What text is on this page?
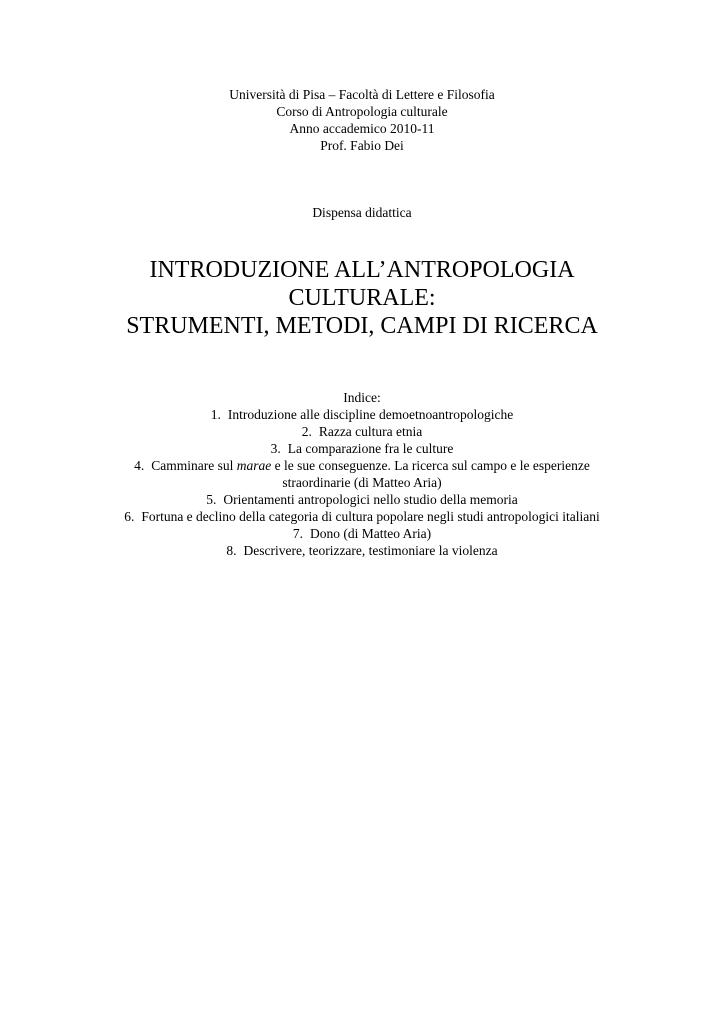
Università di Pisa – Facoltà di Lettere e Filosofia
Corso di Antropologia culturale
Anno accademico 2010-11
Prof. Fabio Dei
Dispensa didattica
INTRODUZIONE ALL’ANTROPOLOGIA
CULTURALE:
STRUMENTI, METODI, CAMPI DI RICERCA
Indice:
1. Introduzione alle discipline demoetnoantropologiche
2. Razza cultura etnia
3. La comparazione fra le culture
4. Camminare sul marae e le sue conseguenze. La ricerca sul campo e le esperienze
straordinarie (di Matteo Aria)
5. Orientamenti antropologici nello studio della memoria
6. Fortuna e declino della categoria di cultura popolare negli studi antropologici italiani
7. Dono (di Matteo Aria)
8. Descrivere, teorizzare, testimoniare la violenza
